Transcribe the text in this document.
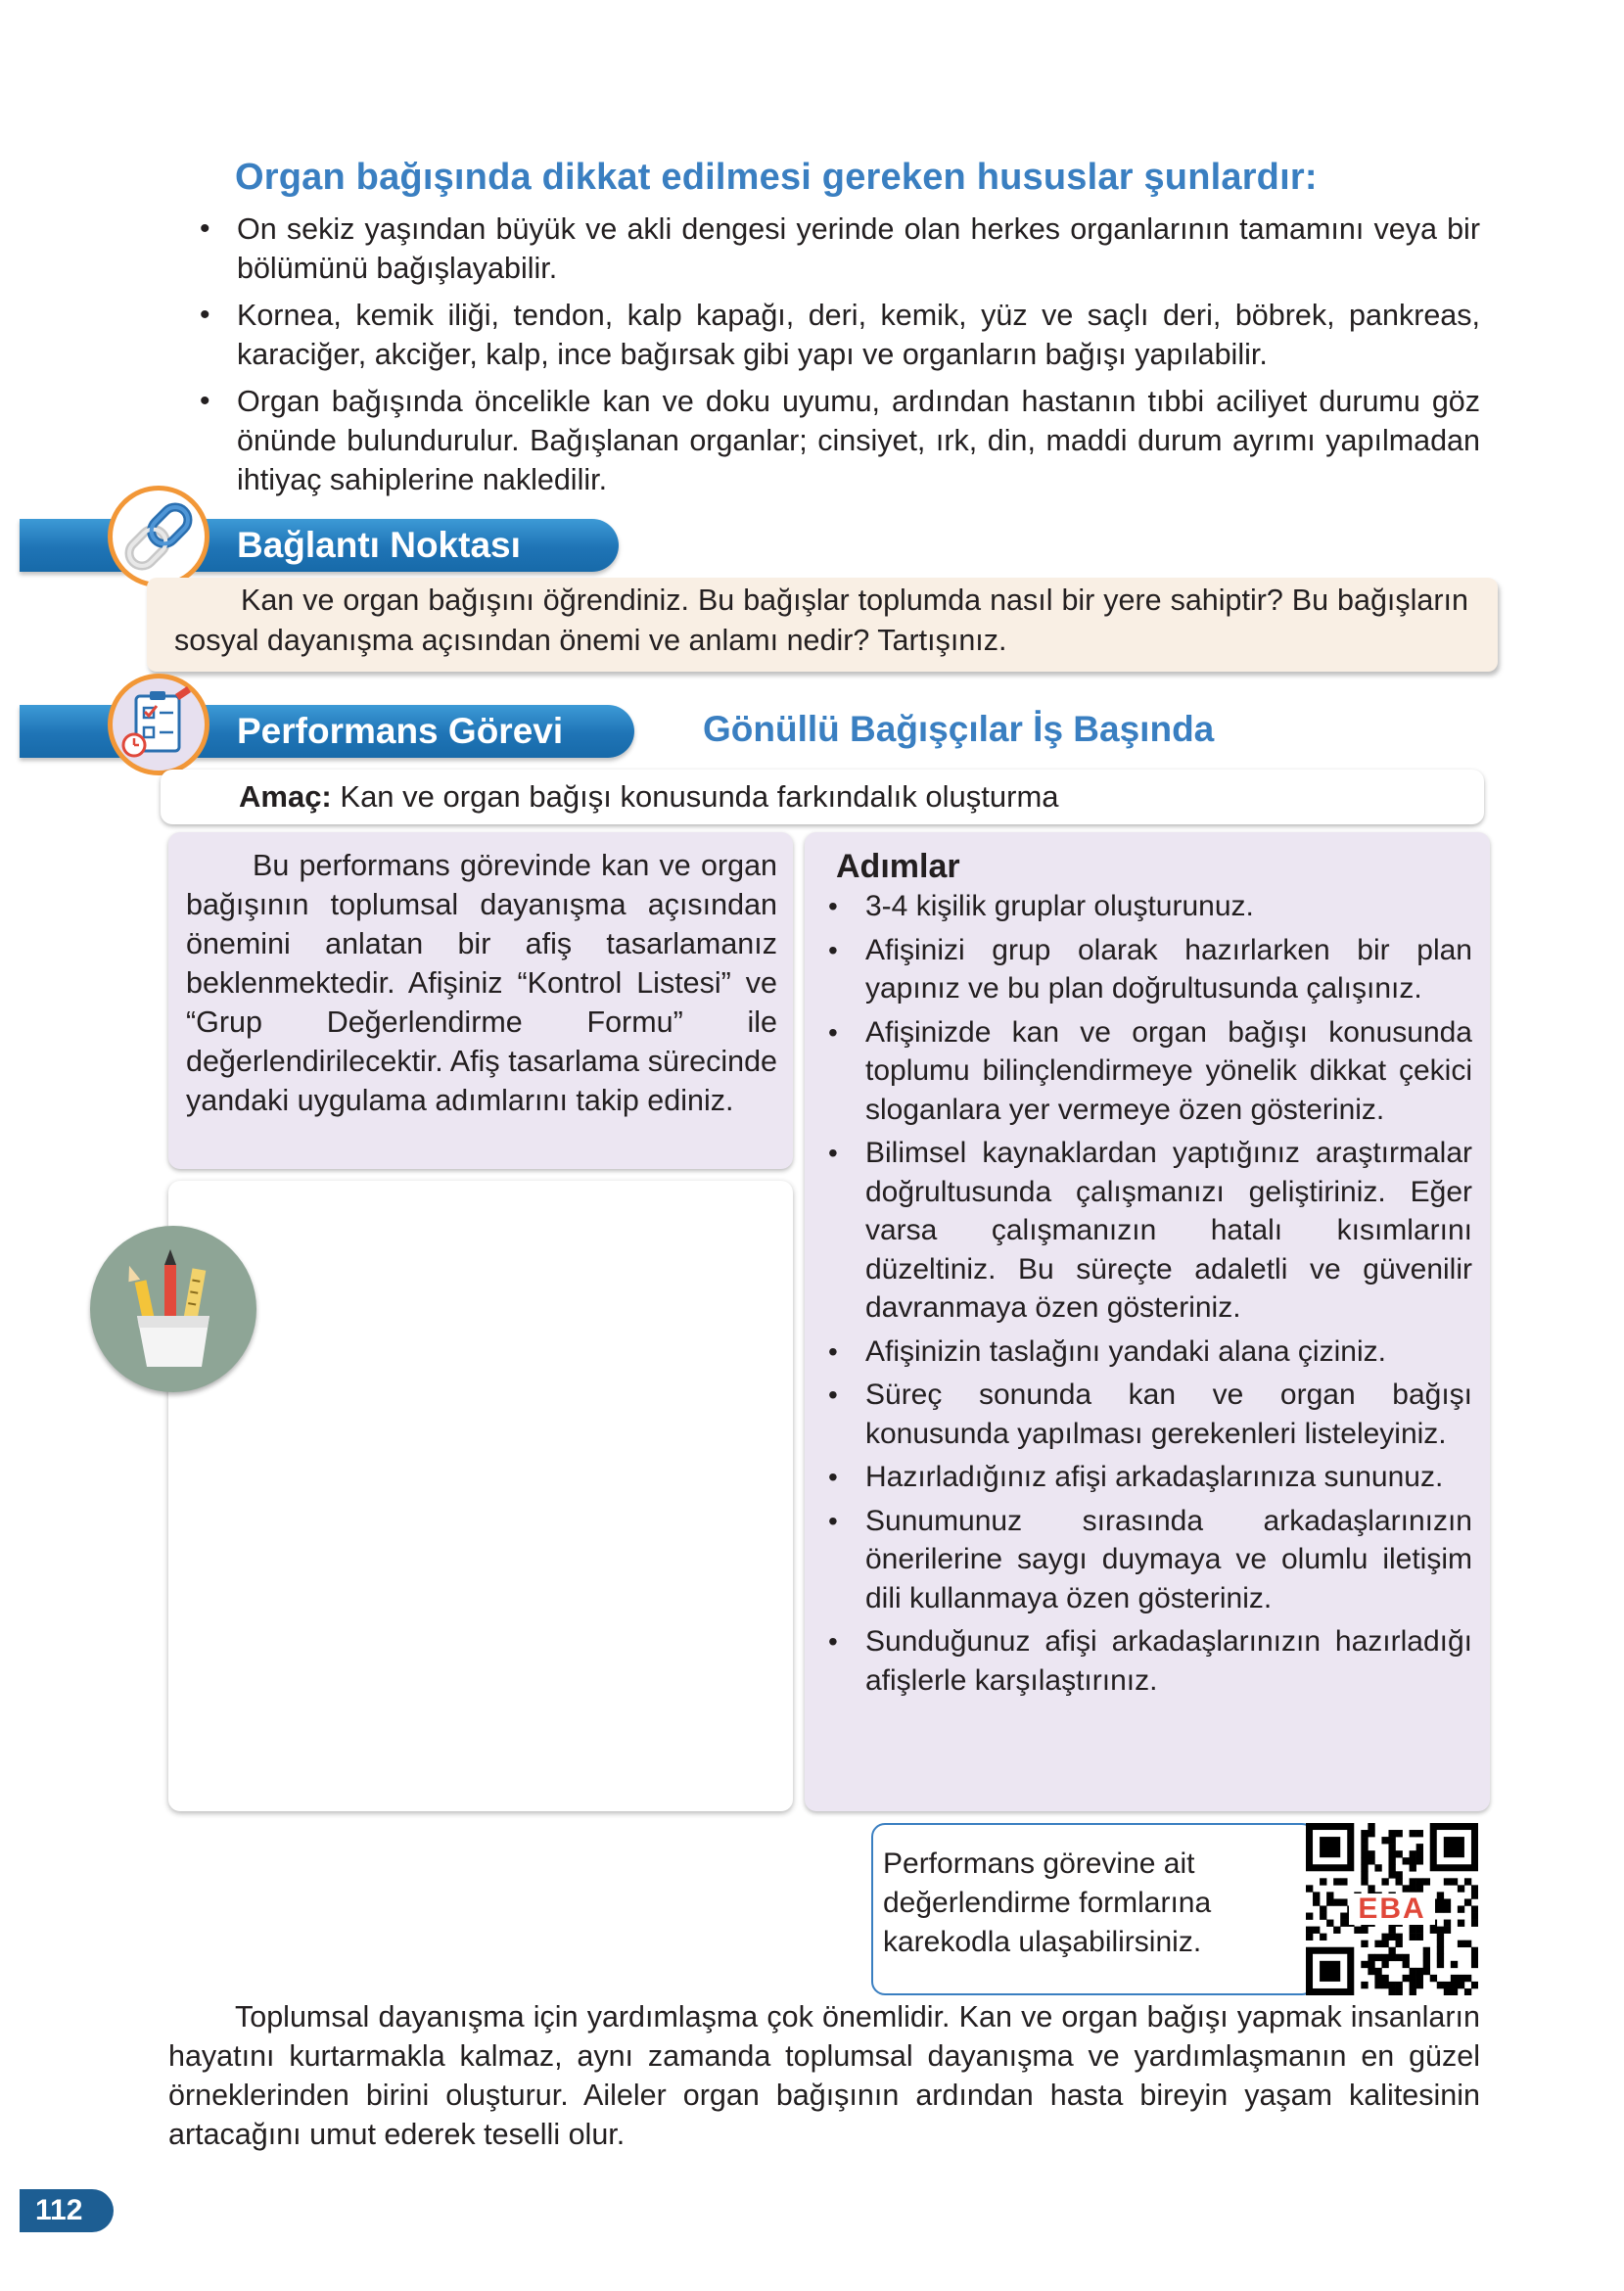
Organ bağışında dikkat edilmesi gereken hususlar şunlardır:
• On sekiz yaşından büyük ve akli dengesi yerinde olan herkes organlarının tamamını veya bir bölümünü bağışlayabilir.
• Kornea, kemik iliği, tendon, kalp kapağı, deri, kemik, yüz ve saçlı deri, böbrek, pankreas, karaciğer, akciğer, kalp, ince bağırsak gibi yapı ve organların bağışı yapılabilir.
• Organ bağışında öncelikle kan ve doku uyumu, ardından hastanın tıbbi aciliyet durumu göz önünde bulundurulur. Bağışlanan organlar; cinsiyet, ırk, din, maddi durum ayrımı yapılmadan ihtiyaç sahiplerine nakledilir.
Bağlantı Noktası
Kan ve organ bağışını öğrendiniz. Bu bağışlar toplumda nasıl bir yere sahiptir? Bu bağışların sosyal dayanışma açısından önemi ve anlamı nedir? Tartışınız.
Performans Görevi	Gönüllü Bağışçılar İş Başında
Amaç: Kan ve organ bağışı konusunda farkındalık oluşturma
Bu performans görevinde kan ve organ bağışının toplumsal dayanışma açısından önemini anlatan bir afiş tasarlamanız beklenmektedir. Afişiniz “Kontrol Listesi” ve “Grup Değerlendirme Formu” ile değerlendirilecektir. Afiş tasarlama sürecinde yandaki uygulama adımlarını takip ediniz.
Adımlar
• 3-4 kişilik gruplar oluşturunuz.
• Afişinizi grup olarak hazırlarken bir plan yapınız ve bu plan doğrultusunda çalışınız.
• Afişinizde kan ve organ bağışı konusunda toplumu bilinçlendirmeye yönelik dikkat çekici sloganlara yer vermeye özen gösteriniz.
• Bilimsel kaynaklardan yaptığınız araştırmalar doğrultusunda çalışmanızı geliştiriniz. Eğer varsa çalışmanızın hatalı kısımlarını düzeltiniz. Bu süreçte adaletli ve güvenilir davranmaya özen gösteriniz.
• Afişinizin taslağını yandaki alana çiziniz.
• Süreç sonunda kan ve organ bağışı konusunda yapılması gerekenleri listeleyiniz.
• Hazırladığınız afişi arkadaşlarınıza sununuz.
• Sunumunuz sırasında arkadaşlarınızın önerilerine saygı duymaya ve olumlu iletişim dili kullanmaya özen gösteriniz.
• Sunduğunuz afişi arkadaşlarınızın hazırladığı afişlerle karşılaştırınız.
Performans görevine ait değerlendirme formlarına karekodla ulaşabilirsiniz.
EBA
Toplumsal dayanışma için yardımlaşma çok önemlidir. Kan ve organ bağışı yapmak insanların hayatını kurtarmakla kalmaz, aynı zamanda toplumsal dayanışma ve yardımlaşmanın en güzel örneklerinden birini oluşturur. Aileler organ bağışının ardından hasta bireyin yaşam kalitesinin artacağını umut ederek teselli olur.
112
